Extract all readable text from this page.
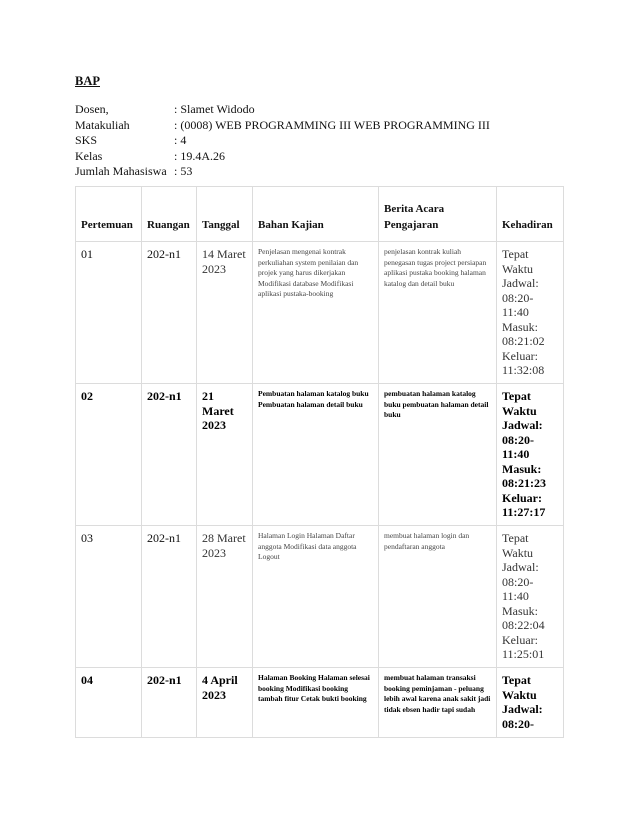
BAP
Dosen,	: Slamet Widodo
Matakuliah	: (0008) WEB PROGRAMMING III WEB PROGRAMMING III
SKS	: 4
Kelas	: 19.4A.26
Jumlah Mahasiswa : 53
Pertemuan	Ruangan	Tanggal	Bahan Kajian	Berita Acara Pengajaran	Kehadiran
01	202-n1	14 Maret 2023	Penjelasan mengenai kontrak perkuliahan system penilaian dan projek yang harus dikerjakan Modifikasi database Modifikasi aplikasi pustaka-booking	penjelasan kontrak kuliah penegasan tugas project persiapan aplikasi pustaka booking halaman katalog dan detail buku	Tepat Waktu Jadwal: 08:20-11:40 Masuk: 08:21:02 Keluar: 11:32:08
02	202-n1	21 Maret 2023	Pembuatan halaman katalog buku Pembuatan halaman detail buku	pembuatan halaman katalog buku pembuatan halaman detail buku	Tepat Waktu Jadwal: 08:20-11:40 Masuk: 08:21:23 Keluar: 11:27:17
03	202-n1	28 Maret 2023	Halaman Login Halaman Daftar anggota Modifikasi data anggota Logout	membuat halaman login dan pendaftaran anggota	Tepat Waktu Jadwal: 08:20-11:40 Masuk: 08:22:04 Keluar: 11:25:01
04	202-n1	4 April 2023	Halaman Booking Halaman selesai booking Modifikasi booking tambah fitur Cetak bukti booking	membuat halaman transaksi booking peminjaman - peluang lebih awal karena anak sakit jadi tidak ebsen hadir tapi sudah	Tepat Waktu Jadwal: 08:20-
